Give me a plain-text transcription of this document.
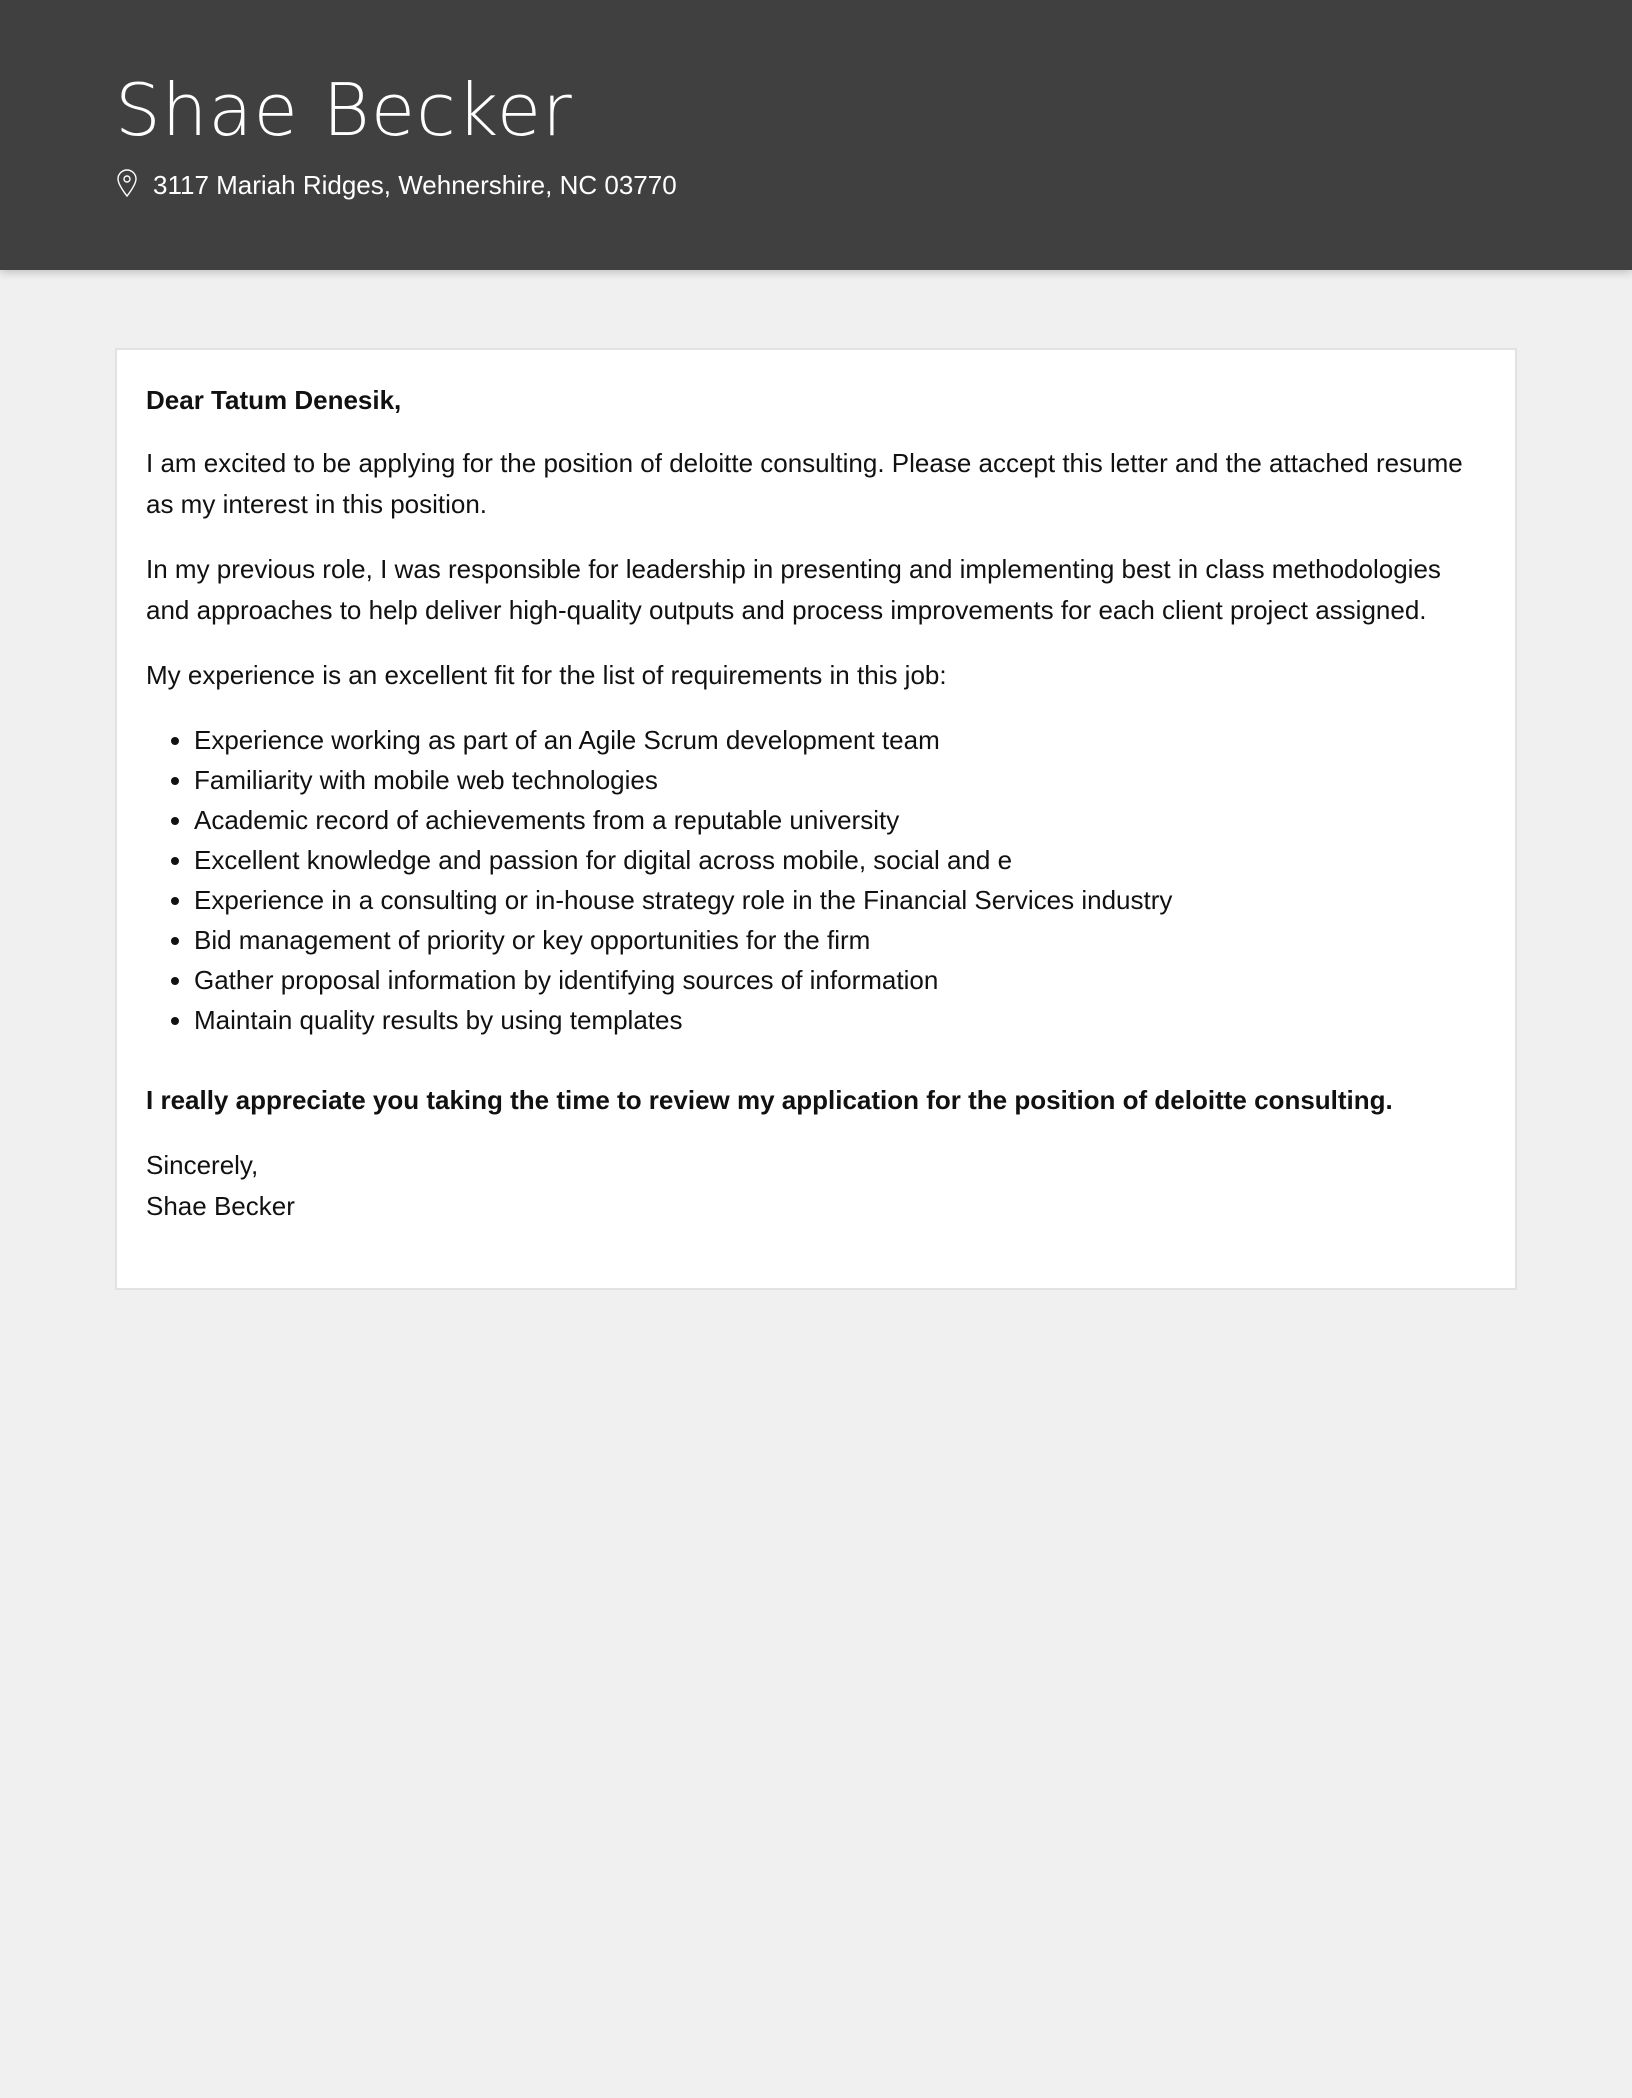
Shae Becker
3117 Mariah Ridges, Wehnershire, NC 03770

Dear Tatum Denesik,

I am excited to be applying for the position of deloitte consulting. Please accept this letter and the attached resume as my interest in this position.

In my previous role, I was responsible for leadership in presenting and implementing best in class methodologies and approaches to help deliver high-quality outputs and process improvements for each client project assigned.

My experience is an excellent fit for the list of requirements in this job:

• Experience working as part of an Agile Scrum development team
• Familiarity with mobile web technologies
• Academic record of achievements from a reputable university
• Excellent knowledge and passion for digital across mobile, social and e
• Experience in a consulting or in-house strategy role in the Financial Services industry
• Bid management of priority or key opportunities for the firm
• Gather proposal information by identifying sources of information
• Maintain quality results by using templates

I really appreciate you taking the time to review my application for the position of deloitte consulting.

Sincerely,

Shae Becker
